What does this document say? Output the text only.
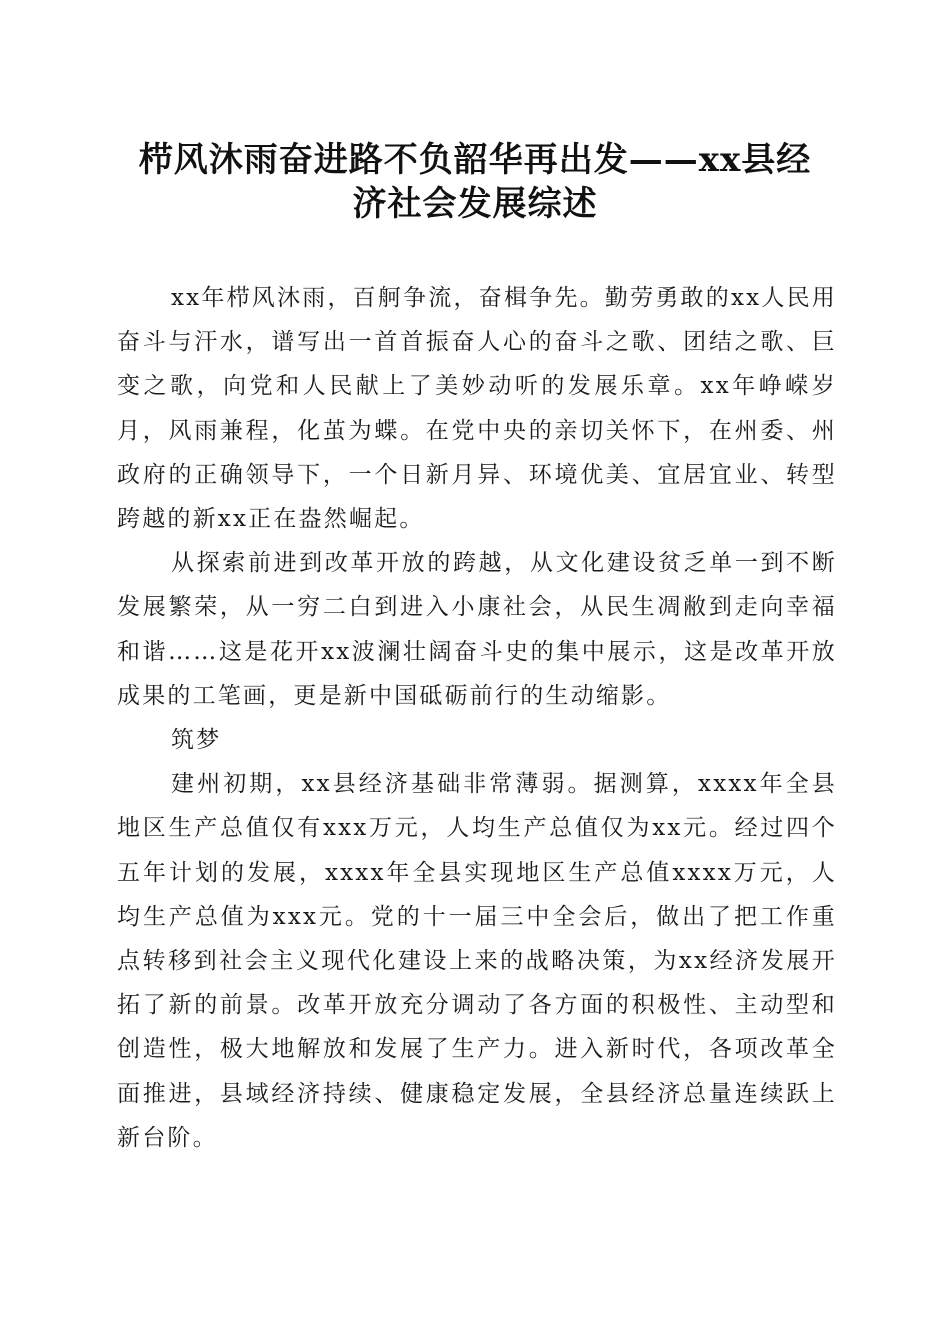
栉风沐雨奋进路不负韶华再出发——xx县经
济社会发展综述

xx年栉风沐雨，百舸争流，奋楫争先。勤劳勇敢的xx人民用奋斗与汗水，谱写出一首首振奋人心的奋斗之歌、团结之歌、巨变之歌，向党和人民献上了美妙动听的发展乐章。xx年峥嵘岁月，风雨兼程，化茧为蝶。在党中央的亲切关怀下，在州委、州政府的正确领导下，一个日新月异、环境优美、宜居宜业、转型跨越的新xx正在盎然崛起。

从探索前进到改革开放的跨越，从文化建设贫乏单一到不断发展繁荣，从一穷二白到进入小康社会，从民生凋敝到走向幸福和谐……这是花开xx波澜壮阔奋斗史的集中展示，这是改革开放成果的工笔画，更是新中国砥砺前行的生动缩影。

筑梦

建州初期，xx县经济基础非常薄弱。据测算，xxxx年全县地区生产总值仅有xxx万元，人均生产总值仅为xx元。经过四个五年计划的发展，xxxx年全县实现地区生产总值xxxx万元，人均生产总值为xxx元。党的十一届三中全会后，做出了把工作重点转移到社会主义现代化建设上来的战略决策，为xx经济发展开拓了新的前景。改革开放充分调动了各方面的积极性、主动型和创造性，极大地解放和发展了生产力。进入新时代，各项改革全面推进，县域经济持续、健康稳定发展，全县经济总量连续跃上新台阶。
